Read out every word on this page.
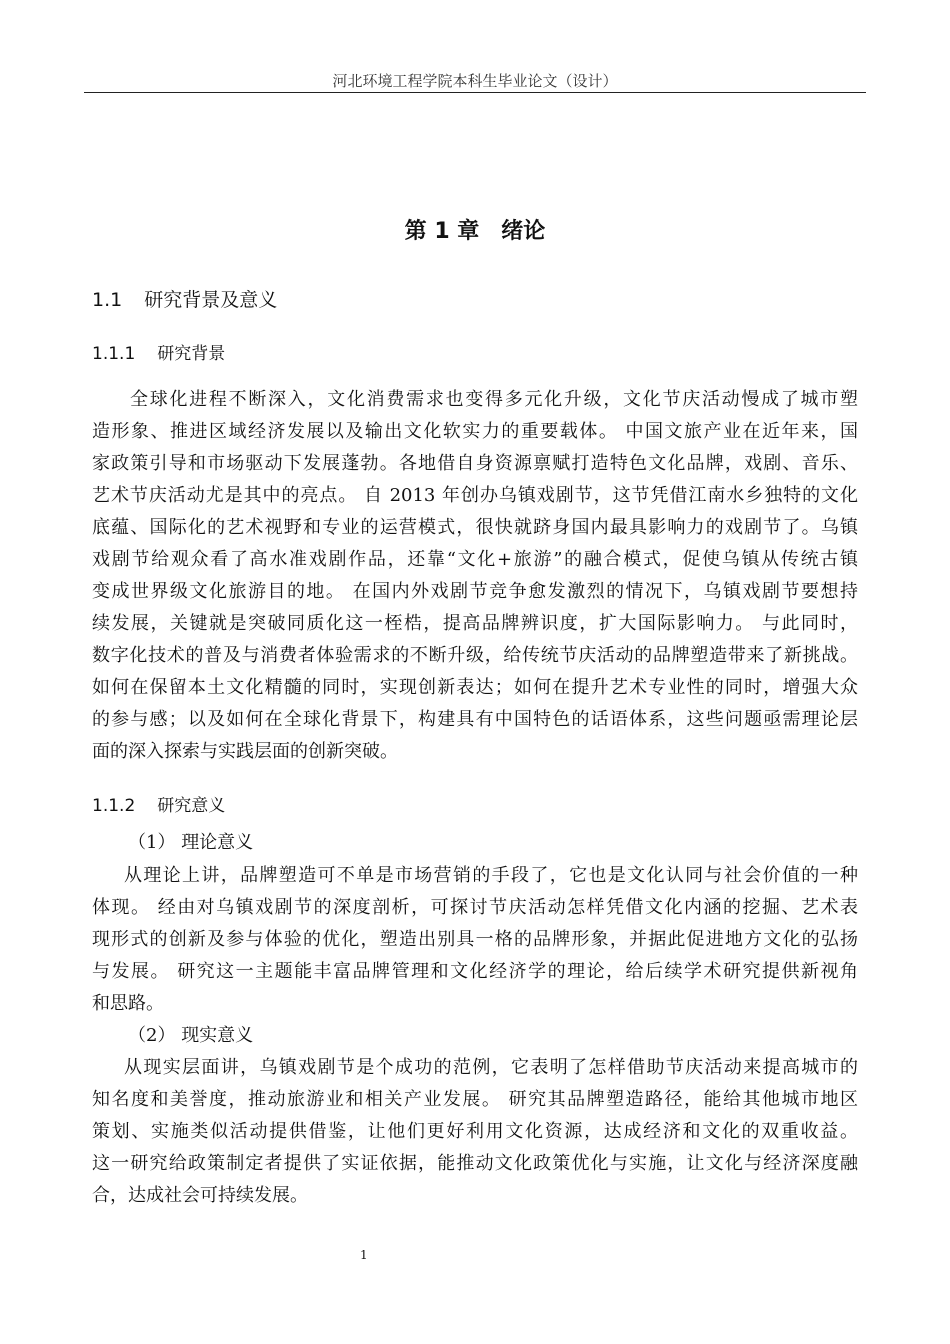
河北环境工程学院本科生毕业论文（设计）
第 1 章　绪论
1.1 研究背景及意义
1.1.1 研究背景
全球化进程不断深入，文化消费需求也变得多元化升级，文化节庆活动慢成了城市塑
造形象、推进区域经济发展以及输出文化软实力的重要载体。 中国文旅产业在近年来，国
家政策引导和市场驱动下发展蓬勃。各地借自身资源禀赋打造特色文化品牌，戏剧、音乐、
艺术节庆活动尤是其中的亮点。 自 2013 年创办乌镇戏剧节，这节凭借江南水乡独特的文化
底蕴、国际化的艺术视野和专业的运营模式，很快就跻身国内最具影响力的戏剧节了。乌镇
戏剧节给观众看了高水准戏剧作品，还靠“文化+旅游”的融合模式，促使乌镇从传统古镇
变成世界级文化旅游目的地。 在国内外戏剧节竞争愈发激烈的情况下，乌镇戏剧节要想持
续发展，关键就是突破同质化这一桎梏，提高品牌辨识度，扩大国际影响力。 与此同时，
数字化技术的普及与消费者体验需求的不断升级，给传统节庆活动的品牌塑造带来了新挑战。
如何在保留本土文化精髓的同时，实现创新表达；如何在提升艺术专业性的同时，增强大众
的参与感；以及如何在全球化背景下，构建具有中国特色的话语体系，这些问题亟需理论层
面的深入探索与实践层面的创新突破。
1.1.2 研究意义
（1） 理论意义
从理论上讲，品牌塑造可不单是市场营销的手段了，它也是文化认同与社会价值的一种
体现。 经由对乌镇戏剧节的深度剖析，可探讨节庆活动怎样凭借文化内涵的挖掘、艺术表
现形式的创新及参与体验的优化，塑造出别具一格的品牌形象，并据此促进地方文化的弘扬
与发展。 研究这一主题能丰富品牌管理和文化经济学的理论，给后续学术研究提供新视角
和思路。
（2） 现实意义
从现实层面讲，乌镇戏剧节是个成功的范例，它表明了怎样借助节庆活动来提高城市的
知名度和美誉度，推动旅游业和相关产业发展。 研究其品牌塑造路径，能给其他城市地区
策划、实施类似活动提供借鉴，让他们更好利用文化资源，达成经济和文化的双重收益。
这一研究给政策制定者提供了实证依据，能推动文化政策优化与实施，让文化与经济深度融
合，达成社会可持续发展。
1
